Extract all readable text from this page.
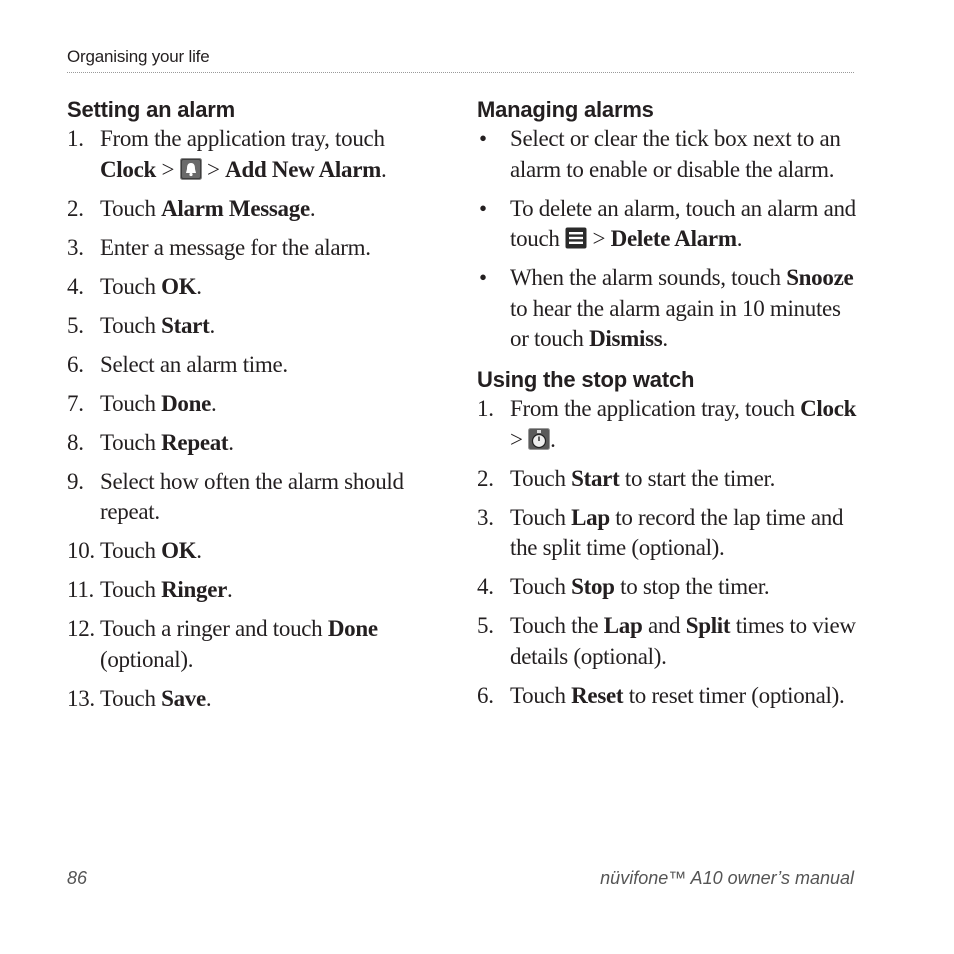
Organising your life
Setting an alarm
1. From the application tray, touch Clock >  > Add New Alarm.
2. Touch Alarm Message.
3. Enter a message for the alarm.
4. Touch OK.
5. Touch Start.
6. Select an alarm time.
7. Touch Done.
8. Touch Repeat.
9. Select how often the alarm should repeat.
10. Touch OK.
11. Touch Ringer.
12. Touch a ringer and touch Done (optional).
13. Touch Save.
Managing alarms
• Select or clear the tick box next to an alarm to enable or disable the alarm.
• To delete an alarm, touch an alarm and touch  > Delete Alarm.
• When the alarm sounds, touch Snooze to hear the alarm again in 10 minutes or touch Dismiss.
Using the stop watch
1. From the application tray, touch Clock > .
2. Touch Start to start the timer.
3. Touch Lap to record the lap time and the split time (optional).
4. Touch Stop to stop the timer.
5. Touch the Lap and Split times to view details (optional).
6. Touch Reset to reset timer (optional).
86	nüvifone™ A10 owner’s manual
